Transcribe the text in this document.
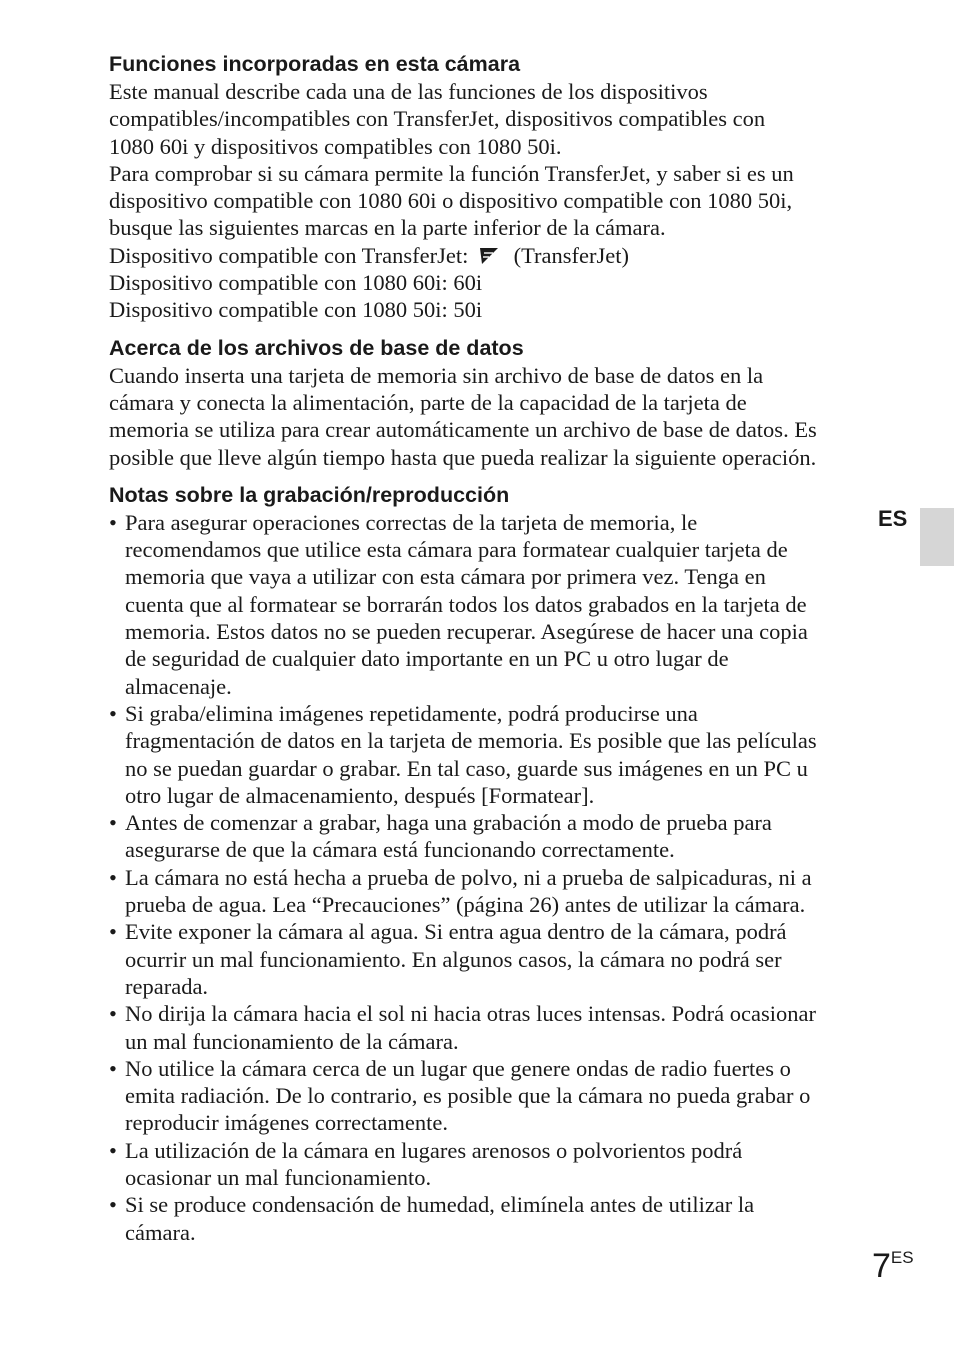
Funciones incorporadas en esta cámara
Este manual describe cada una de las funciones de los dispositivos
compatibles/incompatibles con TransferJet, dispositivos compatibles con
1080 60i y dispositivos compatibles con 1080 50i.
Para comprobar si su cámara permite la función TransferJet, y saber si es un
dispositivo compatible con 1080 60i o dispositivo compatible con 1080 50i,
busque las siguientes marcas en la parte inferior de la cámara.
Dispositivo compatible con TransferJet: (TransferJet)
Dispositivo compatible con 1080 60i: 60i
Dispositivo compatible con 1080 50i: 50i
Acerca de los archivos de base de datos
Cuando inserta una tarjeta de memoria sin archivo de base de datos en la
cámara y conecta la alimentación, parte de la capacidad de la tarjeta de
memoria se utiliza para crear automáticamente un archivo de base de datos. Es
posible que lleve algún tiempo hasta que pueda realizar la siguiente operación.
Notas sobre la grabación/reproducción
• Para asegurar operaciones correctas de la tarjeta de memoria, le
recomendamos que utilice esta cámara para formatear cualquier tarjeta de
memoria que vaya a utilizar con esta cámara por primera vez. Tenga en
cuenta que al formatear se borrarán todos los datos grabados en la tarjeta de
memoria. Estos datos no se pueden recuperar. Asegúrese de hacer una copia
de seguridad de cualquier dato importante en un PC u otro lugar de
almacenaje.
• Si graba/elimina imágenes repetidamente, podrá producirse una
fragmentación de datos en la tarjeta de memoria. Es posible que las películas
no se puedan guardar o grabar. En tal caso, guarde sus imágenes en un PC u
otro lugar de almacenamiento, después [Formatear].
• Antes de comenzar a grabar, haga una grabación a modo de prueba para
asegurarse de que la cámara está funcionando correctamente.
• La cámara no está hecha a prueba de polvo, ni a prueba de salpicaduras, ni a
prueba de agua. Lea “Precauciones” (página 26) antes de utilizar la cámara.
• Evite exponer la cámara al agua. Si entra agua dentro de la cámara, podrá
ocurrir un mal funcionamiento. En algunos casos, la cámara no podrá ser
reparada.
• No dirija la cámara hacia el sol ni hacia otras luces intensas. Podrá ocasionar
un mal funcionamiento de la cámara.
• No utilice la cámara cerca de un lugar que genere ondas de radio fuertes o
emita radiación. De lo contrario, es posible que la cámara no pueda grabar o
reproducir imágenes correctamente.
• La utilización de la cámara en lugares arenosos o polvorientos podrá
ocasionar un mal funcionamiento.
• Si se produce condensación de humedad, elimínela antes de utilizar la
cámara.
ES
7ES
